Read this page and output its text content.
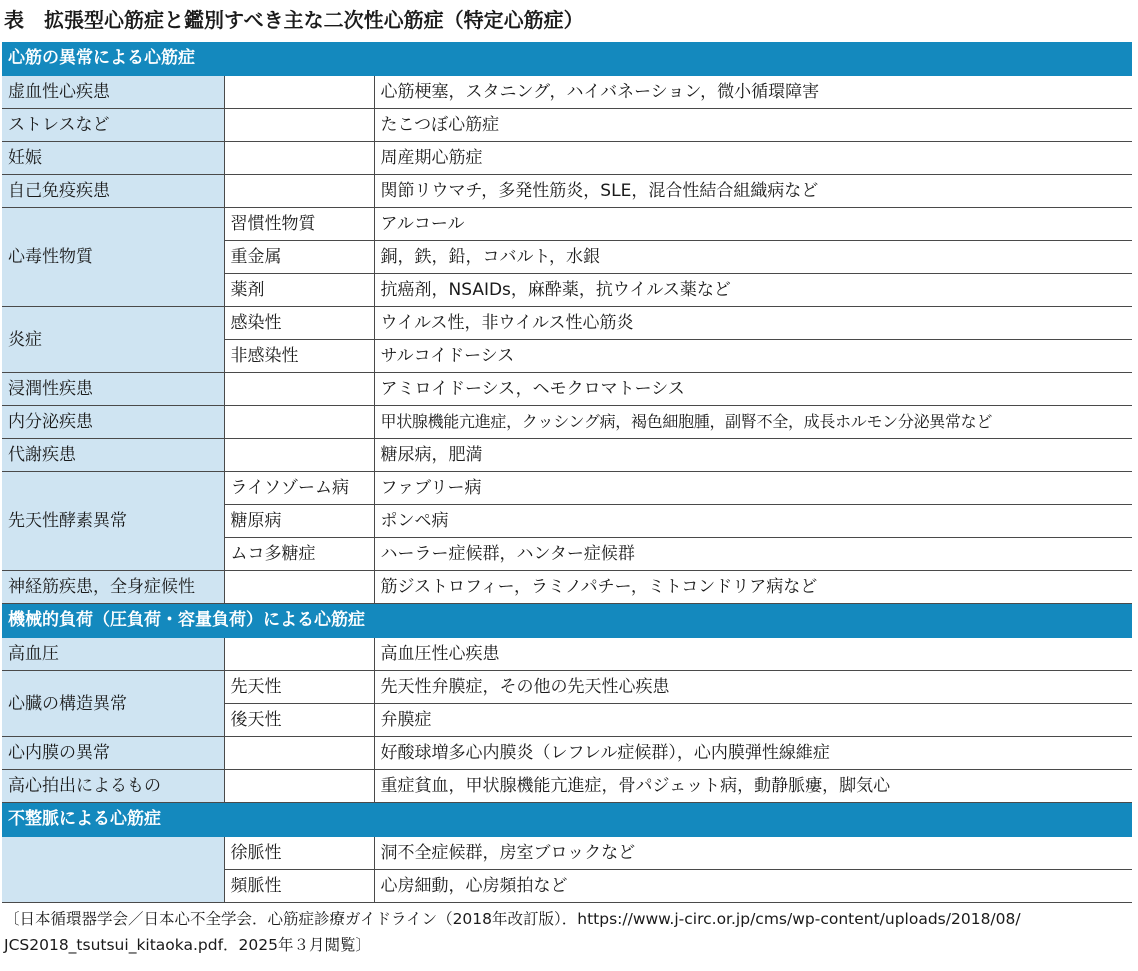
表　拡張型心筋症と鑑別すべき主な二次性心筋症（特定心筋症）
心筋の異常による心筋症		
虚血性心疾患		心筋梗塞，スタニング，ハイバネーション，微小循環障害
ストレスなど		たこつぼ心筋症
妊娠		周産期心筋症
自己免疫疾患		関節リウマチ，多発性筋炎，SLE，混合性結合組織病など
心毒性物質	習慣性物質	アルコール
	重金属	銅，鉄，鉛，コバルト，水銀
	薬剤	抗癌剤，NSAIDs，麻酔薬，抗ウイルス薬など
炎症	感染性	ウイルス性，非ウイルス性心筋炎
	非感染性	サルコイドーシス
浸潤性疾患		アミロイドーシス，ヘモクロマトーシス
内分泌疾患		甲状腺機能亢進症，クッシング病，褐色細胞腫，副腎不全，成長ホルモン分泌異常など
代謝疾患		糖尿病，肥満
先天性酵素異常	ライソゾーム病	ファブリー病
	糖原病	ポンペ病
	ムコ多糖症	ハーラー症候群，ハンター症候群
神経筋疾患，全身症候性		筋ジストロフィー，ラミノパチー，ミトコンドリア病など
機械的負荷（圧負荷・容量負荷）による心筋症		
高血圧		高血圧性心疾患
心臓の構造異常	先天性	先天性弁膜症，その他の先天性心疾患
	後天性	弁膜症
心内膜の異常		好酸球増多心内膜炎（レフレル症候群），心内膜弾性線維症
高心拍出によるもの		重症貧血，甲状腺機能亢進症，骨パジェット病，動静脈瘻，脚気心
不整脈による心筋症		
	徐脈性	洞不全症候群，房室ブロックなど
	頻脈性	心房細動，心房頻拍など
〔日本循環器学会／日本心不全学会．心筋症診療ガイドライン（2018年改訂版）．https://www.j-circ.or.jp/cms/wp-content/uploads/2018/08/
JCS2018_tsutsui_kitaoka.pdf．2025年３月閲覧〕
